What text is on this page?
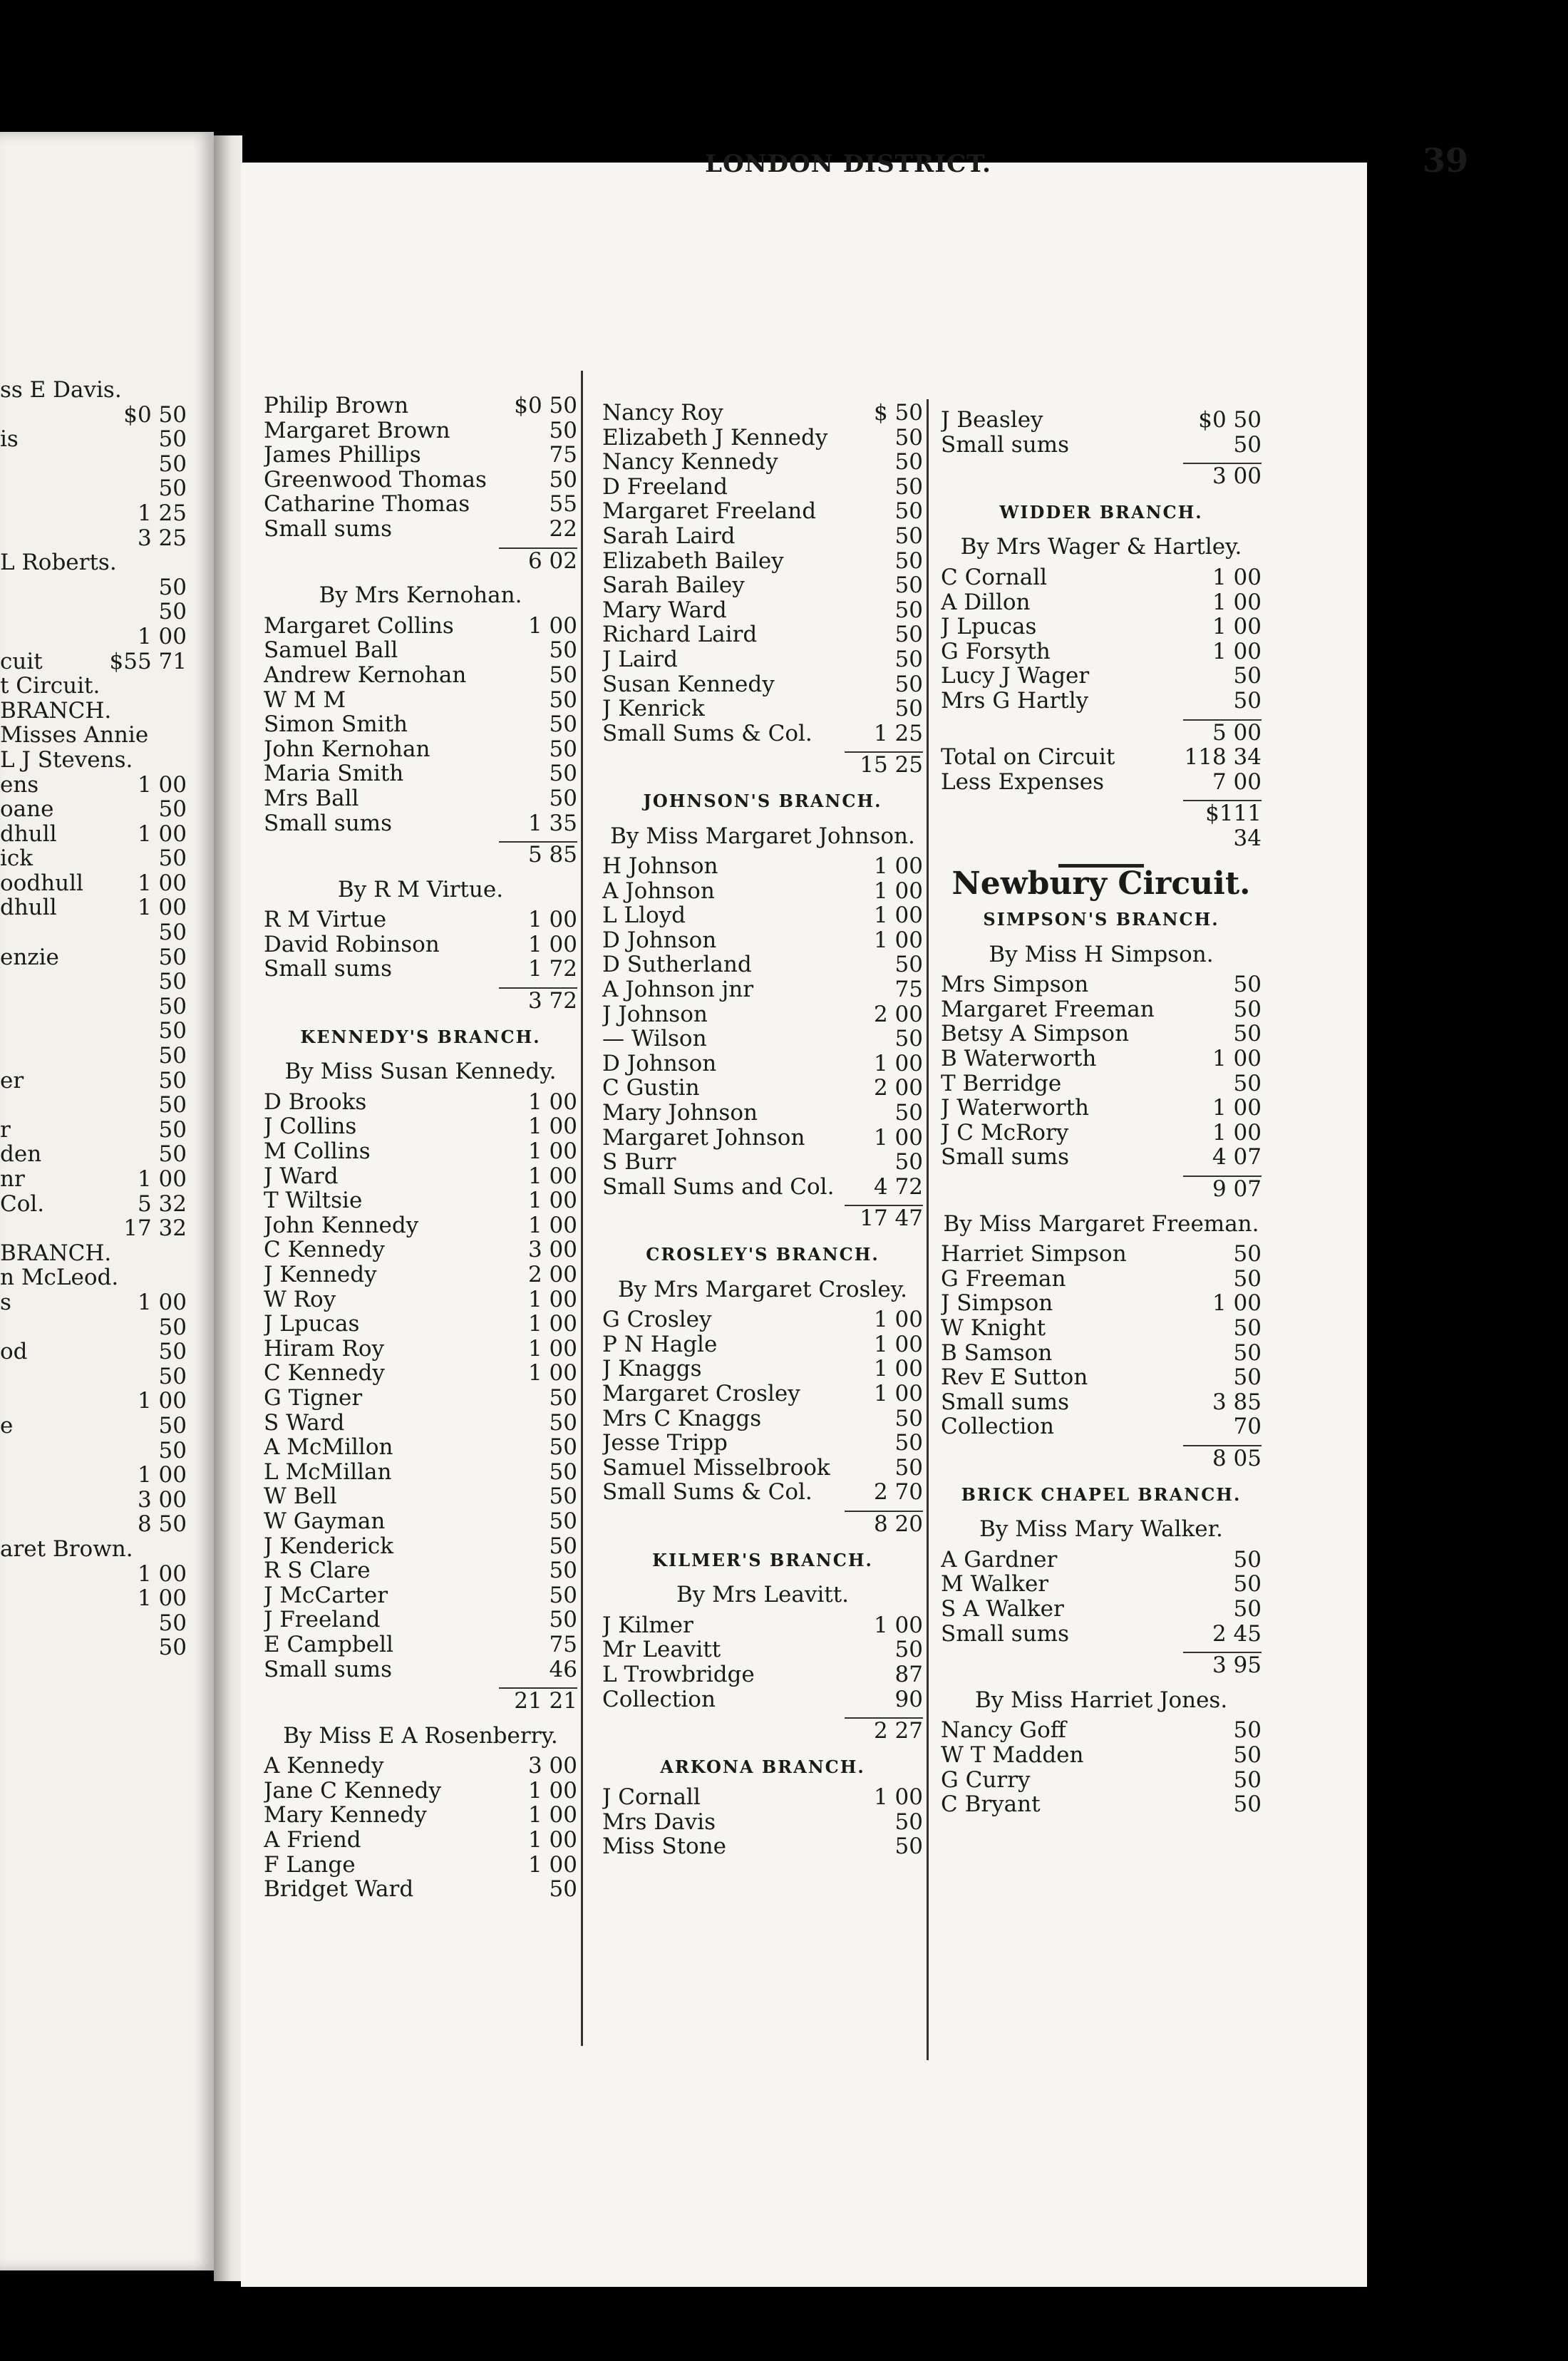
ss E Davis.
$0 50
is	50
50
50
1 25
3 25
L Roberts.
50
50
1 00
cuit	$55 71
t Circuit.
BRANCH.
Misses Annie
L J Stevens.
ens	1 00
oane	50
dhull	1 00
ick	50
oodhull 1 00
dhull	1 00
50
enzie	50
50
50
50
50
er	50
50
r	50
den	50
nr	1 00
Col.	5 32
17 32
BRANCH.
n McLeod.
s	1 00
50
od	50
50
1 00
e	50
50
1 00
3 00
8 50
aret Brown.
1 00
1 00
50
50
LONDON DISTRICT.	39
Philip Brown	$0 50
Margaret Brown	50
James Phillips	75
Greenwood Thomas	50
Catharine Thomas	55
Small sums	22
6 02
By Mrs Kernohan.
Margaret Collins	1 00
Samuel Ball	50
Andrew Kernohan	50
W M M	50
Simon Smith	50
John Kernohan	50
Maria Smith	50
Mrs Ball	50
Small sums	1 35
5 85
By R M Virtue.
R M Virtue	1 00
David Robinson	1 00
Small sums	1 72
3 72
KENNEDY'S BRANCH.
By Miss Susan Kennedy.
D Brooks	1 00
J Collins	1 00
M Collins	1 00
J Ward	1 00
T Wiltsie	1 00
John Kennedy	1 00
C Kennedy	3 00
J Kennedy	2 00
W Roy	1 00
J Lpucas	1 00
Hiram Roy	1 00
C Kennedy	1 00
G Tigner	50
S Ward	50
A McMillon	50
L McMillan	50
W Bell	50
W Gayman	50
J Kenderick	50
R S Clare	50
J McCarter	50
J Freeland	50
E Campbell	75
Small sums	46
21 21
By Miss E A Rosenberry.
A Kennedy	3 00
Jane C Kennedy	1 00
Mary Kennedy	1 00
A Friend	1 00
F Lange	1 00
Bridget Ward	50
Nancy Roy	$ 50
Elizabeth J Kennedy	50
Nancy Kennedy	50
D Freeland	50
Margaret Freeland	50
Sarah Laird	50
Elizabeth Bailey	50
Sarah Bailey	50
Mary Ward	50
Richard Laird	50
J Laird	50
Susan Kennedy	50
J Kenrick	50
Small Sums & Col.	1 25
15 25
JOHNSON'S BRANCH.
By Miss Margaret Johnson.
H Johnson	1 00
A Johnson	1 00
L Lloyd	1 00
D Johnson	1 00
D Sutherland	50
A Johnson jnr	75
J Johnson	2 00
— Wilson	50
D Johnson	1 00
C Gustin	2 00
Mary Johnson	50
Margaret Johnson	1 00
S Burr	50
Small Sums and Col.	4 72
17 47
CROSLEY'S BRANCH.
By Mrs Margaret Crosley.
G Crosley	1 00
P N Hagle	1 00
J Knaggs	1 00
Margaret Crosley	1 00
Mrs C Knaggs	50
Jesse Tripp	50
Samuel Misselbrook	50
Small Sums & Col.	2 70
8 20
KILMER'S BRANCH.
By Mrs Leavitt.
J Kilmer	1 00
Mr Leavitt	50
L Trowbridge	87
Collection	90
2 27
ARKONA BRANCH.
J Cornall	1 00
Mrs Davis	50
Miss Stone	50
J Beasley	$0 50
Small sums	50
3 00
WIDDER BRANCH.
By Mrs Wager & Hartley.
C Cornall	1 00
A Dillon	1 00
J Lpucas	1 00
G Forsyth	1 00
Lucy J Wager	50
Mrs G Hartly	50
5 00
Total on Circuit	118 34
Less Expenses	7 00
$111 34
Newbury Circuit.
SIMPSON'S BRANCH.
By Miss H Simpson.
Mrs Simpson	50
Margaret Freeman	50
Betsy A Simpson	50
B Waterworth	1 00
T Berridge	50
J Waterworth	1 00
J C McRory	1 00
Small sums	4 07
9 07
By Miss Margaret Freeman.
Harriet Simpson	50
G Freeman	50
J Simpson	1 00
W Knight	50
B Samson	50
Rev E Sutton	50
Small sums	3 85
Collection	70
8 05
BRICK CHAPEL BRANCH.
By Miss Mary Walker.
A Gardner	50
M Walker	50
S A Walker	50
Small sums	2 45
3 95
By Miss Harriet Jones.
Nancy Goff	50
W T Madden	50
G Curry	50
C Bryant	50
